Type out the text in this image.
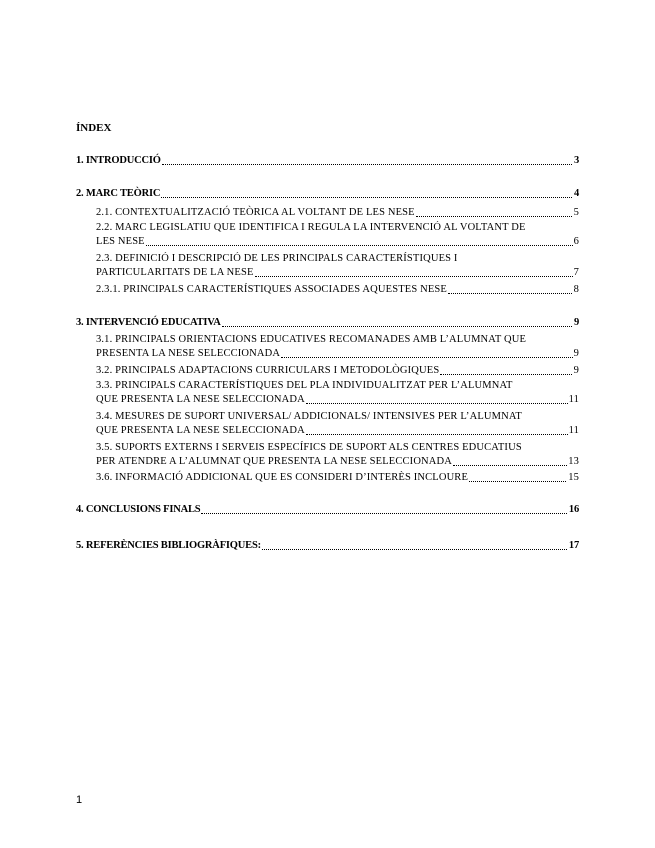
ÍNDEX
1. INTRODUCCIÓ	3
2. MARC TEÒRIC	4
2.1. CONTEXTUALITZACIÓ TEÒRICA AL VOLTANT DE LES NESE	5
2.2. MARC LEGISLATIU QUE IDENTIFICA I REGULA LA INTERVENCIÓ AL VOLTANT DE
LES NESE	6
2.3. DEFINICIÓ I DESCRIPCIÓ DE LES PRINCIPALS CARACTERÍSTIQUES I
PARTICULARITATS DE LA NESE	7
2.3.1. PRINCIPALS CARACTERÍSTIQUES ASSOCIADES AQUESTES NESE	8
3. INTERVENCIÓ EDUCATIVA	9
3.1. PRINCIPALS ORIENTACIONS EDUCATIVES RECOMANADES AMB L’ALUMNAT QUE
PRESENTA LA NESE SELECCIONADA	9
3.2. PRINCIPALS ADAPTACIONS CURRICULARS I METODOLÒGIQUES	9
3.3. PRINCIPALS CARACTERÍSTIQUES DEL PLA INDIVIDUALITZAT PER L’ALUMNAT
QUE PRESENTA LA NESE SELECCIONADA	11
3.4. MESURES DE SUPORT UNIVERSAL/ ADDICIONALS/ INTENSIVES PER L’ALUMNAT
QUE PRESENTA LA NESE SELECCIONADA	11
3.5. SUPORTS EXTERNS I SERVEIS ESPECÍFICS DE SUPORT ALS CENTRES EDUCATIUS
PER ATENDRE A L’ALUMNAT QUE PRESENTA LA NESE SELECCIONADA	13
3.6. INFORMACIÓ ADDICIONAL QUE ES CONSIDERI D’INTERÈS INCLOURE	15
4. CONCLUSIONS FINALS	16
5. REFERÈNCIES BIBLIOGRÀFIQUES:	17
1
